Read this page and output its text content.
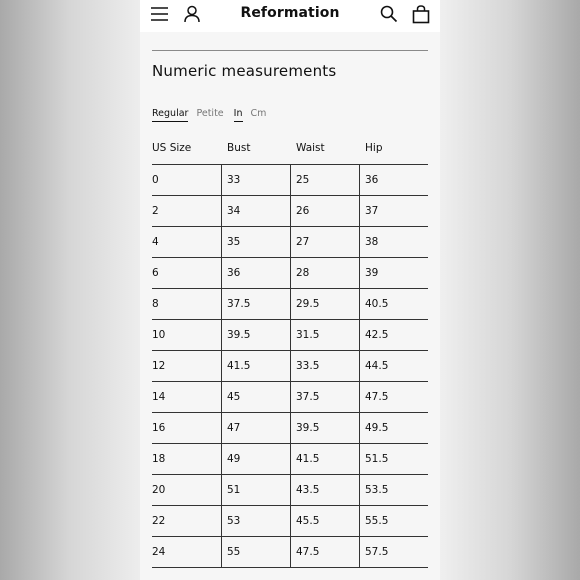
Reformation
Numeric measurements
Regular Petite In Cm
US Size	Bust	Waist	Hip
0	33	25	36
2	34	26	37
4	35	27	38
6	36	28	39
8	37.5	29.5	40.5
10	39.5	31.5	42.5
12	41.5	33.5	44.5
14	45	37.5	47.5
16	47	39.5	49.5
18	49	41.5	51.5
20	51	43.5	53.5
22	53	45.5	55.5
24	55	47.5	57.5
